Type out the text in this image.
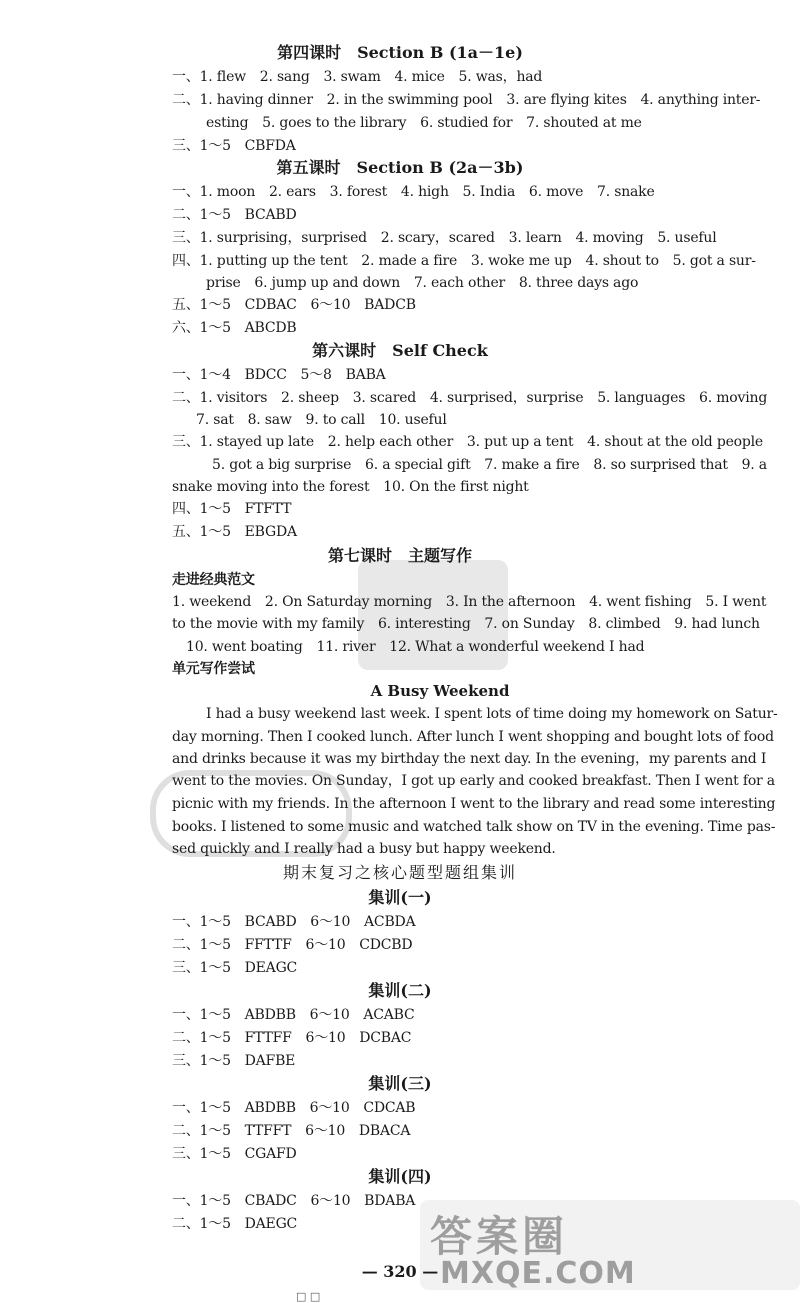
第四课时　Section B (1a－1e)
一、1. flew　2. sang　3. swam　4. mice　5. was，had
二、1. having dinner　2. in the swimming pool　3. are flying kites　4. anything inter-
esting　5. goes to the library　6. studied for　7. shouted at me
三、1～5　CBFDA
第五课时　Section B (2a－3b)
一、1. moon　2. ears　3. forest　4. high　5. India　6. move　7. snake
二、1～5　BCABD
三、1. surprising，surprised　2. scary，scared　3. learn　4. moving　5. useful
四、1. putting up the tent　2. made a fire　3. woke me up　4. shout to　5. got a sur-
prise　6. jump up and down　7. each other　8. three days ago
五、1～5　CDBAC　6～10　BADCB
六、1～5　ABCDB
第六课时　Self Check
一、1～4　BDCC　5～8　BABA
二、1. visitors　2. sheep　3. scared　4. surprised，surprise　5. languages　6. moving
7. sat　8. saw　9. to call　10. useful
三、1. stayed up late　2. help each other　3. put up a tent　4. shout at the old people
5. got a big surprise　6. a special gift　7. make a fire　8. so surprised that　9. a
snake moving into the forest　10. On the first night
四、1～5　FTFTT
五、1～5　EBGDA
第七课时　主题写作
走进经典范文
1. weekend　2. On Saturday morning　3. In the afternoon　4. went fishing　5. I went
to the movie with my family　6. interesting　7. on Sunday　8. climbed　9. had lunch
10. went boating　11. river　12. What a wonderful weekend I had
单元写作尝试
A Busy Weekend
I had a busy weekend last week. I spent lots of time doing my homework on Satur-
day morning. Then I cooked lunch. After lunch I went shopping and bought lots of food
and drinks because it was my birthday the next day. In the evening，my parents and I
went to the movies. On Sunday，I got up early and cooked breakfast. Then I went for a
picnic with my friends. In the afternoon I went to the library and read some interesting
books. I listened to some music and watched talk show on TV in the evening. Time pas-
sed quickly and I really had a busy but happy weekend.
期末复习之核心题型题组集训
集训(一)
一、1～5　BCABD　6～10　ACBDA
二、1～5　FFTTF　6～10　CDCBD
三、1～5　DEAGC
集训(二)
一、1～5　ABDBB　6～10　ACABC
二、1～5　FTTFF　6～10　DCBAC
三、1～5　DAFBE
集训(三)
一、1～5　ABDBB　6～10　CDCAB
二、1～5　TTFFT　6～10　DBACA
三、1～5　CGAFD
集训(四)
一、1～5　CBADC　6～10　BDABA
二、1～5　DAEGC	答案圈
MXQE.COM
— 320 —
□ □
